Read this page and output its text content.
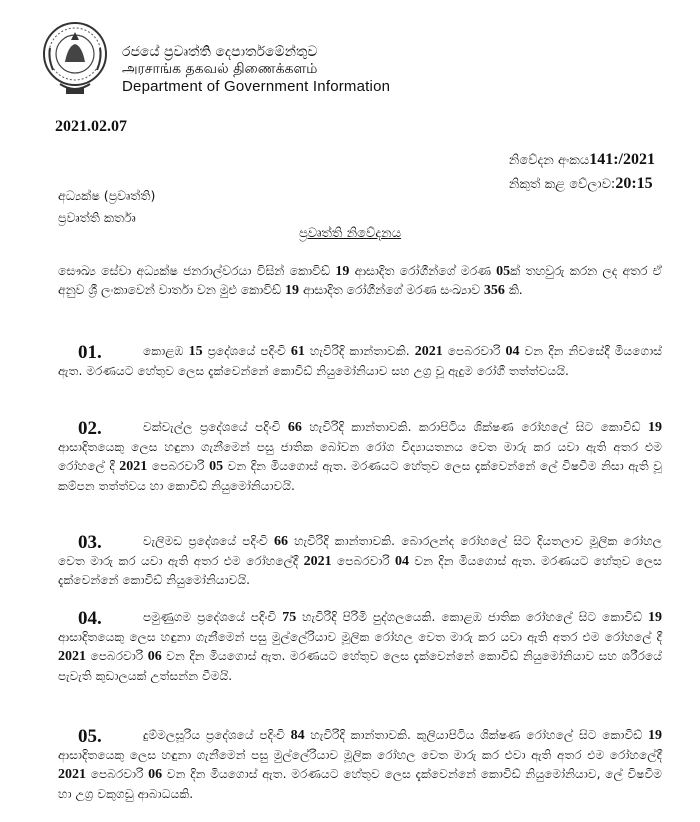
රජයේ ප්‍රවෘත්ති දෙපාර්තමේන්තුව
அரசாங்க தகவல் திணைக்களம்
Department of Government Information
2021.02.07
නිවේදන අංකය141:/2021
නිකුත් කළ වේලාව:20:15
අධ්‍යක්ෂ (ප්‍රවෘත්ති)
ප්‍රවෘත්ති කර්තෘ
ප්‍රවෘත්ති නිවේදනය
සෞඛ්‍ය සේවා අධ්‍යක්ෂ ජනරාල්වරයා විසින් කොවිඩ් 19 ආසාදිත රෝගීන්ගේ මරණ 05ක් තහවුරු කරන ලද අතර ඒ අනුව ශ්‍රී ලංකාවෙන් වාර්තා වන මුළු කොවිඩ් 19 ආසාදිත රෝගීන්ගේ මරණ සංඛ්‍යාව 356 කි.
01.	කොළඹ 15 ප්‍රදේශයේ පදිංචි 61 හැවිරිදි කාන්තාවකි. 2021 පෙබරවාරි 04 වන දින නිවසේදී මියගොස් ඇත. මරණයට හේතුව ලෙස දැක්වෙන්නේ කොවිඩ් නියුමෝනියාව සහ උග්‍ර වූ ඇදුම රෝගී තත්ත්වයයි.
02.	වක්වැල්ල ප්‍රදේශයේ පදිංචි 66 හැවිරිදි කාන්තාවකි. කරාපිටිය ශික්ෂණ රෝහලේ සිට කොවිඩ් 19 ආසාදිතයෙකු ලෙස හඳුනා ගැනීමෙන් පසු ජාතික බෝවන රෝග විද්‍යායතනය වෙත මාරු කර යවා ඇති අතර එම රෝහලේ දී 2021 පෙබරවාරි 05 වන දින මියගොස් ඇත. මරණයට හේතුව ලෙස දැක්වෙන්නේ ලේ විෂවීම නිසා ඇති වූ කම්පන තත්ත්වය හා කොවිඩ් නියුමෝනියාවයි.
03.	වැලිමඩ ප්‍රදේශයේ පදිංචි 66 හැවිරිදි කාන්තාවකි. බොරලන්ද රෝහලේ සිට දියතලාව මූලික රෝහල වෙත මාරු කර යවා ඇති අතර එම රෝහලේදී 2021 පෙබරවාරි 04 වන දින මියගොස් ඇත. මරණයට හේතුව ලෙස දැක්වෙන්නේ කොවිඩ් නියුමෝනියාවයි.
04.	පමුණුගම ප්‍රදේශයේ පදිංචි 75 හැවිරිදි පිරිමි පුද්ගලයෙකි. කොළඹ ජාතික රෝහලේ සිට කොවිඩ් 19 ආසාදිතයෙකු ලෙස හඳුනා ගැනීමෙන් පසු මුල්ලේරියාව මූලික රෝහල වෙත මාරු කර යවා ඇති අතර එම රෝහලේ දී 2021 පෙබරවාරි 06 වන දින මියගොස් ඇත. මරණයට හේතුව ලෙස දැක්වෙන්නේ කොවිඩ් නියුමෝනියාව සහ ශරීරයේ පැවැති කුඩාලයක් උත්සන්න වීමයි.
05.	දුම්මලසූරිය ප්‍රදේශයේ පදිංචි 84 හැවිරිදි කාන්තාවකි. කුලියාපිටිය ශික්ෂණ රෝහලේ සිට කොවිඩ් 19 ආසාදිතයෙකු ලෙස හඳුනා ගැනීමෙන් පසු මුල්ලේරියාව මූලික රෝහල වෙත මාරු කර එවා ඇති අතර එම රෝහලේදී 2021 පෙබරවාරි 06 වන දින මියගොස් ඇත. මරණයට හේතුව ලෙස දැක්වෙන්නේ කොවිඩ් නියුමෝනියාව, ලේ විෂවීම හා උග්‍ර වකුගඩු ආබාධයකි.
